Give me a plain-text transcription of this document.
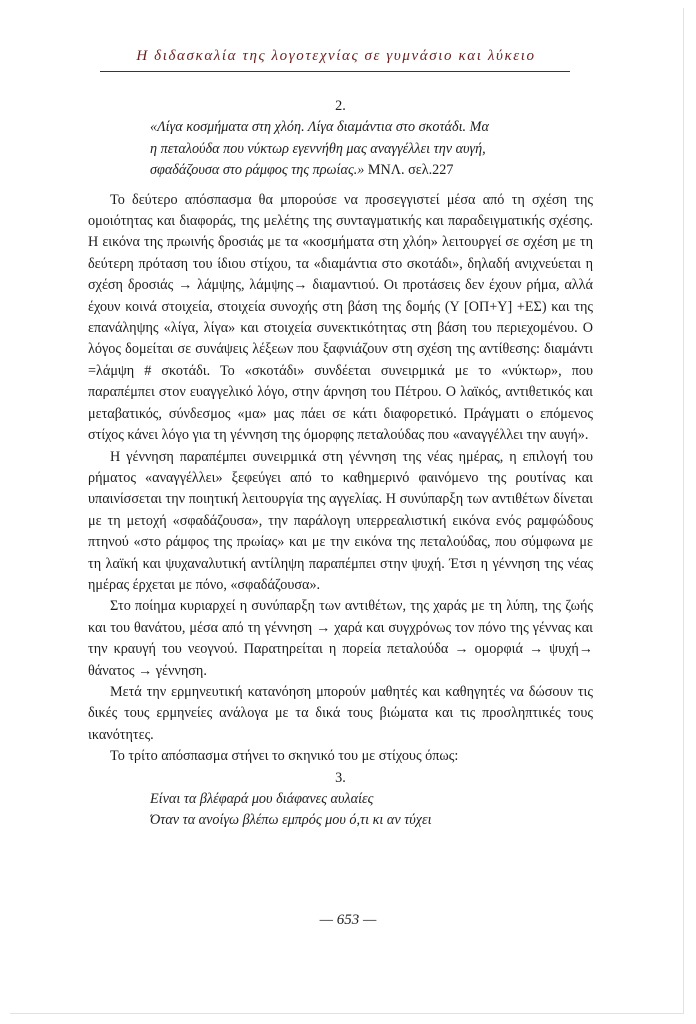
Η διδασκαλία της λογοτεχνίας σε γυμνάσιο και λύκειο

2.

«Λίγα κοσμήματα στη χλόη. Λίγα διαμάντια στο σκοτάδι. Μα η πεταλούδα που νύκτωρ εγεννήθη μας αναγγέλλει την αυγή, σφαδάζουσα στο ράμφος της πρωίας.» ΜΝΛ. σελ.227

Το δεύτερο απόσπασμα θα μπορούσε να προσεγγιστεί μέσα από τη σχέση της ομοιότητας και διαφοράς, της μελέτης της συνταγματικής και παραδειγματικής σχέσης. Η εικόνα της πρωινής δροσιάς με τα «κοσμήματα στη χλόη» λειτουργεί σε σχέση με τη δεύτερη πρόταση του ίδιου στίχου, τα «διαμάντια στο σκοτάδι», δηλαδή ανιχνεύεται η σχέση δροσιάς → λάμψης, λάμψης→ διαμαντιού. Οι προτάσεις δεν έχουν ρήμα, αλλά έχουν κοινά στοιχεία, στοιχεία συνοχής στη βάση της δομής (Υ [ΟΠ+Υ] +ΕΣ) και της επανάληψης «λίγα, λίγα» και στοιχεία συνεκτικότητας στη βάση του περιεχομένου. Ο λόγος δομείται σε συνάψεις λέξεων που ξαφνιάζουν στη σχέση της αντίθεσης: διαμάντι =λάμψη # σκοτάδι. Το «σκοτάδι» συνδέεται συνειρμικά με το «νύκτωρ», που παραπέμπει στον ευαγγελικό λόγο, στην άρνηση του Πέτρου. Ο λαϊκός, αντιθετικός και μεταβατικός, σύνδεσμος «μα» μας πάει σε κάτι διαφορετικό. Πράγματι ο επόμενος στίχος κάνει λόγο για τη γέννηση της όμορφης πεταλούδας που «αναγγέλλει την αυγή».

Η γέννηση παραπέμπει συνειρμικά στη γέννηση της νέας ημέρας, η επιλογή του ρήματος «αναγγέλλει» ξεφεύγει από το καθημερινό φαινόμενο της ρουτίνας και υπαινίσσεται την ποιητική λειτουργία της αγγελίας. Η συνύπαρξη των αντιθέτων δίνεται με τη μετοχή «σφαδάζουσα», την παράλογη υπερρεαλιστική εικόνα ενός ραμφώδους πτηνού «στο ράμφος της πρωίας» και με την εικόνα της πεταλούδας, που σύμφωνα με τη λαϊκή και ψυχαναλυτική αντίληψη παραπέμπει στην ψυχή. Έτσι η γέννηση της νέας ημέρας έρχεται με πόνο, «σφαδάζουσα».

Στο ποίημα κυριαρχεί η συνύπαρξη των αντιθέτων, της χαράς με τη λύπη, της ζωής και του θανάτου, μέσα από τη γέννηση → χαρά και συγχρόνως τον πόνο της γέννας και την κραυγή του νεογνού. Παρατηρείται η πορεία πεταλούδα → ομορφιά → ψυχή→ θάνατος → γέννηση.

Μετά την ερμηνευτική κατανόηση μπορούν μαθητές και καθηγητές να δώσουν τις δικές τους ερμηνείες ανάλογα με τα δικά τους βιώματα και τις προσληπτικές τους ικανότητες.

Το τρίτο απόσπασμα στήνει το σκηνικό του με στίχους όπως:

3.

Είναι τα βλέφαρά μου διάφανες αυλαίες
Όταν τα ανοίγω βλέπω εμπρός μου ό,τι κι αν τύχει
— 653 —
